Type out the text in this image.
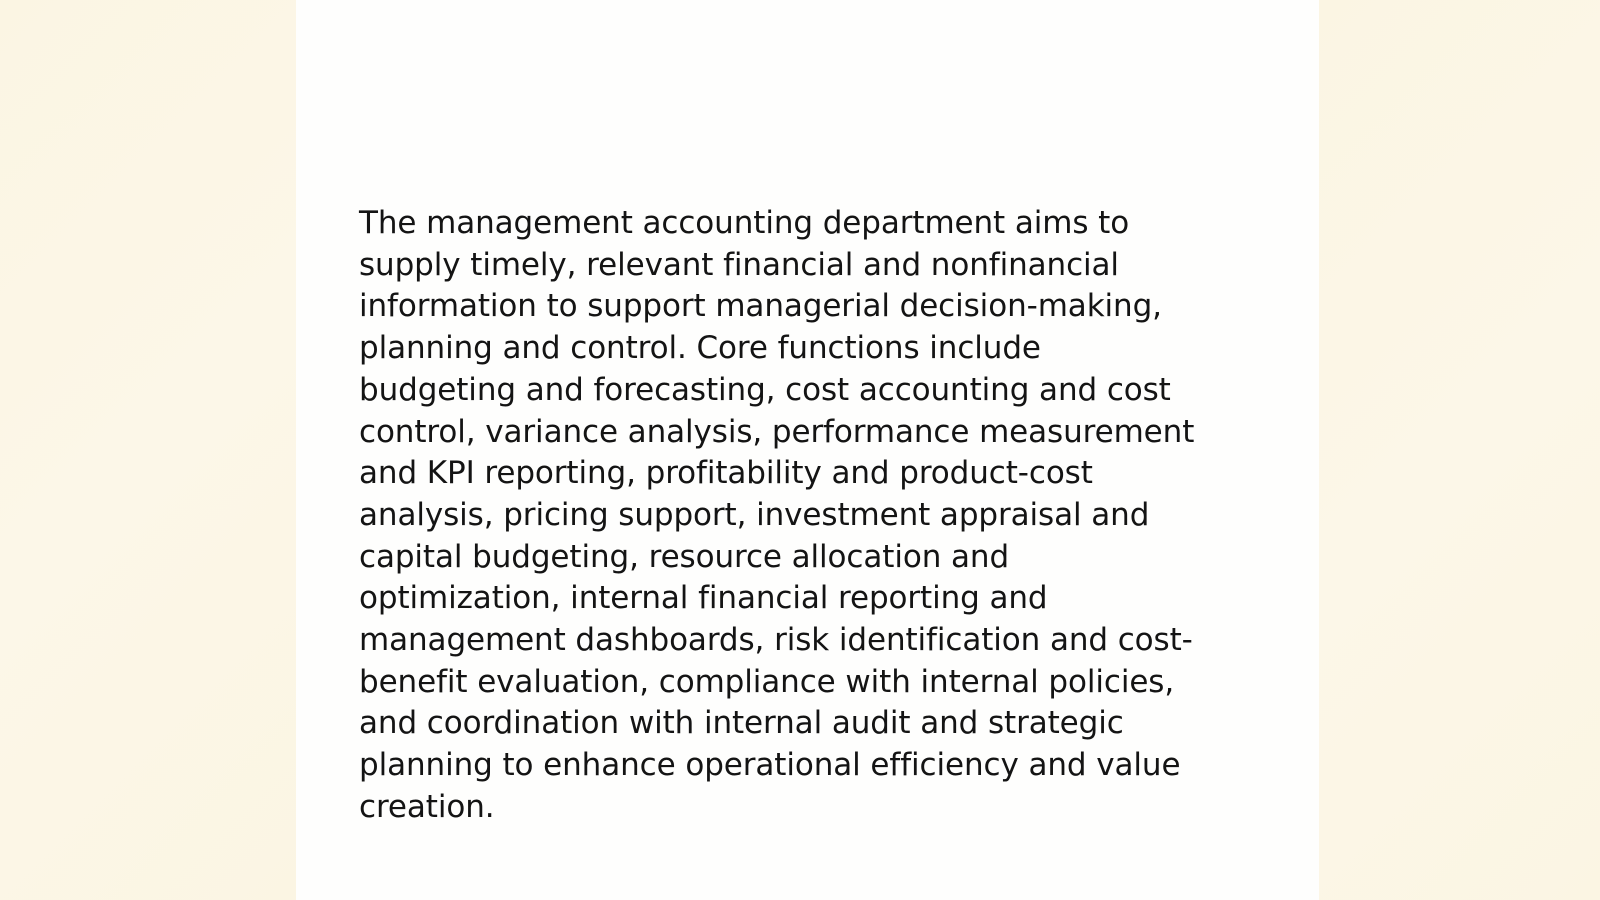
The management accounting department aims to
supply timely, relevant financial and nonfinancial
information to support managerial decision-making,
planning and control. Core functions include
budgeting and forecasting, cost accounting and cost
control, variance analysis, performance measurement
and KPI reporting, profitability and product-cost
analysis, pricing support, investment appraisal and
capital budgeting, resource allocation and
optimization, internal financial reporting and
management dashboards, risk identification and cost-
benefit evaluation, compliance with internal policies,
and coordination with internal audit and strategic
planning to enhance operational efficiency and value
creation.
